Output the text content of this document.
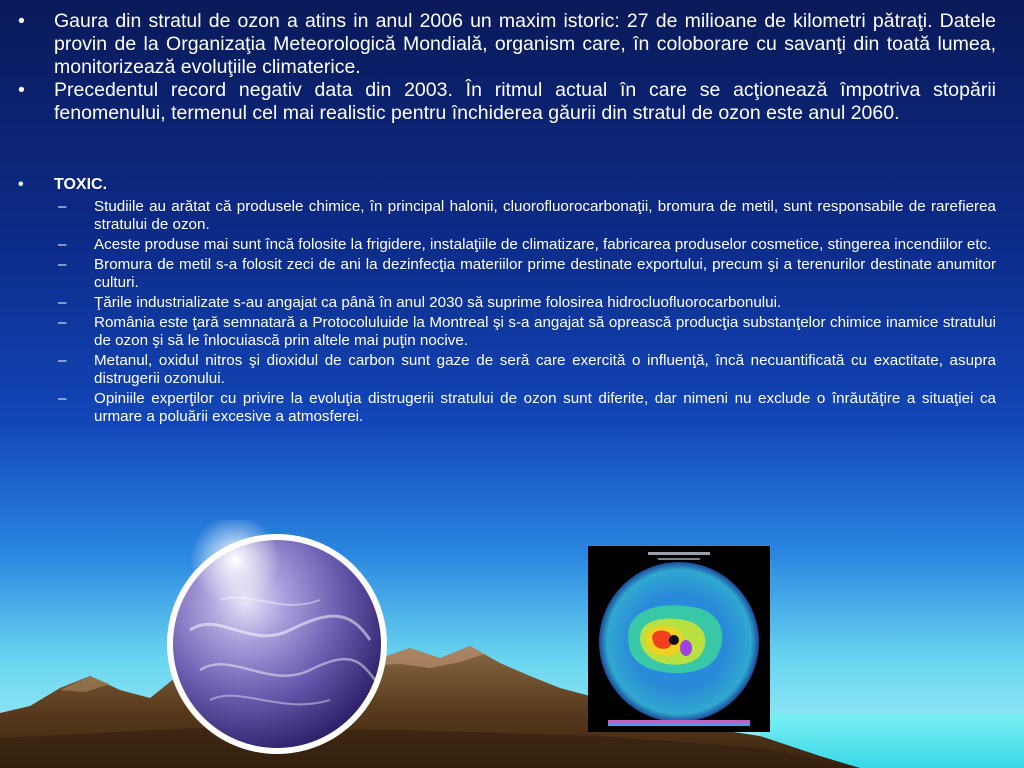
•	Gaura din stratul de ozon a atins in anul 2006 un maxim istoric: 27 de milioane de kilometri pătraţi. Datele provin de la Organizaţia Meteorologică Mondială, organism care, în coloborare cu savanţi din toată lumea, monitorizează evoluţiile climaterice.
•	Precedentul record negativ data din 2003. În ritmul actual în care se acţionează împotriva stopării fenomenului, termenul cel mai realistic pentru închiderea găurii din stratul de ozon este anul 2060.
•	TOXIC.
–	Studiile au arătat că produsele chimice, în principal halonii, cluorofluorocarbonaţii, bromura de metil, sunt responsabile de rarefierea stratului de ozon.
–	Aceste produse mai sunt încă folosite la frigidere, instalaţiile de climatizare, fabricarea produselor cosmetice, stingerea incendiilor etc.
–	Bromura de metil s-a folosit zeci de ani la dezinfecţia materiilor prime destinate exportului, precum şi a terenurilor destinate anumitor culturi.
–	Ţările industrializate s-au angajat ca până în anul 2030 să suprime folosirea hidrocluofluorocarbonului.
–	România este ţară semnatară a Protocoluluide la Montreal şi s-a angajat să oprească producţia substanţelor chimice inamice stratului de ozon şi să le înlocuiască prin altele mai puţin nocive.
–	Metanul, oxidul nitros şi dioxidul de carbon sunt gaze de seră care exercită o influenţă, încă necuantificată cu exactitate, asupra distrugerii ozonului.
–	Opiniile experţilor cu privire la evoluţia distrugerii stratului de ozon sunt diferite, dar nimeni nu exclude o înrăutăţire a situaţiei ca urmare a poluării excesive a atmosferei.
